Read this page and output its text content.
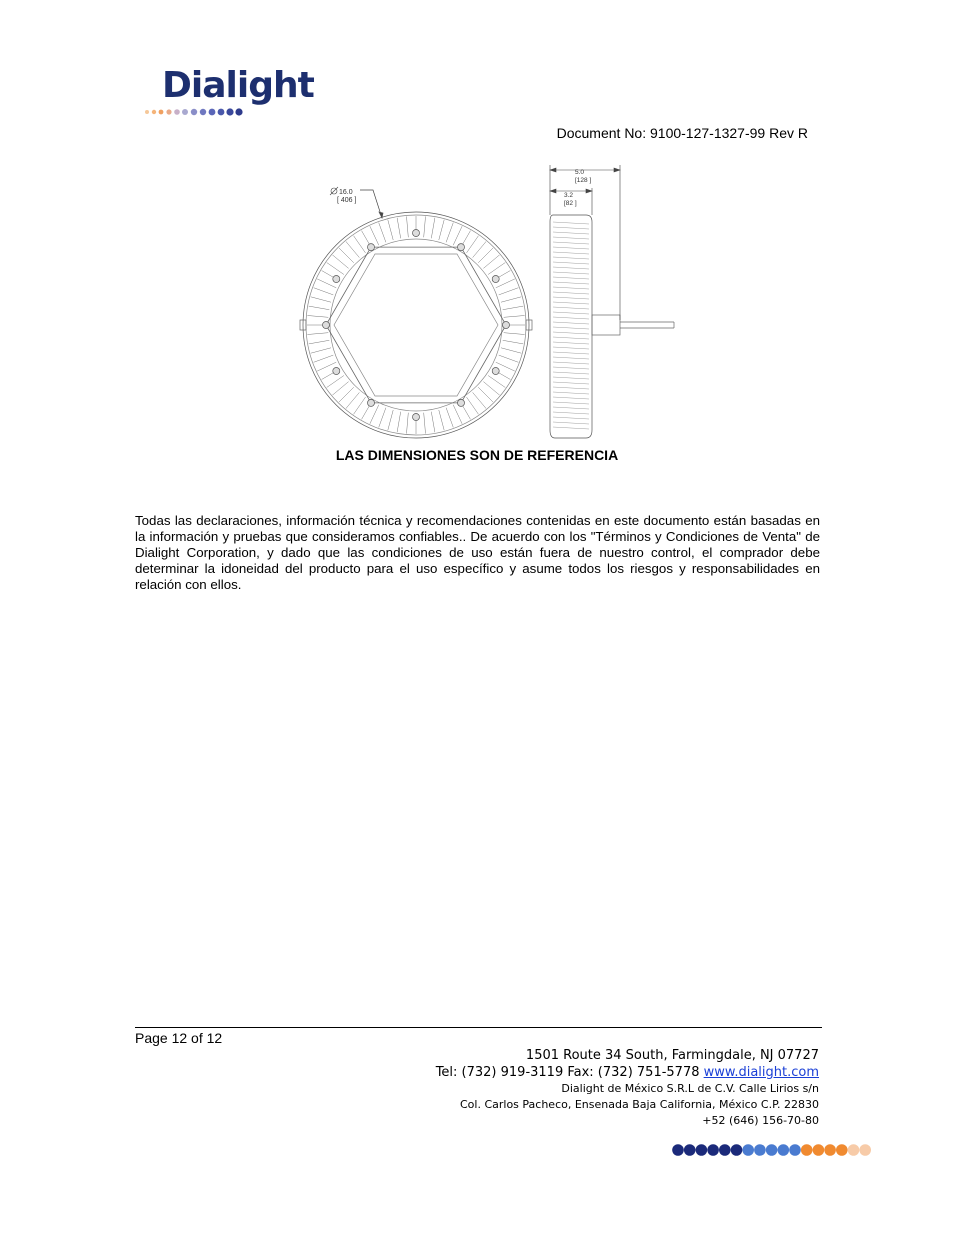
Dialight
Document No: 9100-127-1327-99 Rev R
16.0
[ 406 ]
5.0
[128 ]
3.2
[82 ]
LAS DIMENSIONES SON DE REFERENCIA
Todas las declaraciones, información técnica y recomendaciones contenidas en este documento están basadas en la información y pruebas que consideramos confiables.. De acuerdo con los "Términos y Condiciones de Venta" de Dialight Corporation, y dado que las condiciones de uso están fuera de nuestro control, el comprador debe determinar la idoneidad del producto para el uso específico y asume todos los riesgos y responsabilidades en relación con ellos.
Page 12 of 12
1501 Route 34 South, Farmingdale, NJ 07727
Tel: (732) 919-3119 Fax: (732) 751-5778 www.dialight.com
Dialight de México S.R.L de C.V. Calle Lirios s/n
Col. Carlos Pacheco, Ensenada Baja California, México C.P. 22830
+52 (646) 156-70-80
